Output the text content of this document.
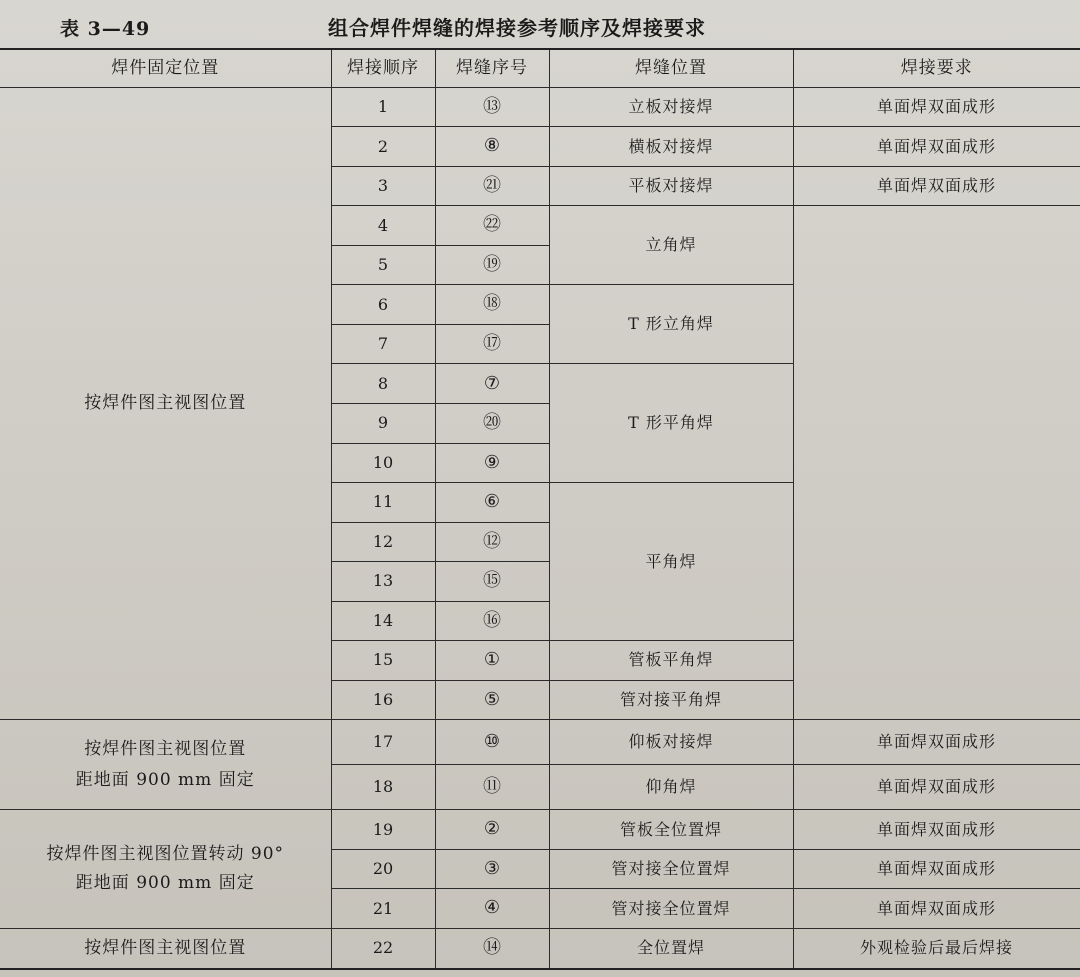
表 3—49	组合焊件焊缝的焊接参考顺序及焊接要求
焊件固定位置	焊接顺序	焊缝序号	焊缝位置	焊接要求
按焊件图主视图位置	1	⑬	立板对接焊	单面焊双面成形
	2	⑧	横板对接焊	单面焊双面成形
	3	㉑	平板对接焊	单面焊双面成形
	4	㉒	立角焊	
	5	⑲		
	6	⑱	T 形立角焊	
	7	⑰		
	8	⑦	T 形平角焊	
	9	⑳		
	10	⑨		
	11	⑥	平角焊	
	12	⑫		
	13	⑮		
	14	⑯		
	15	①	管板平角焊	
	16	⑤	管对接平角焊	

按焊件图主视图位置
距地面 900 mm 固定	17	⑩	仰板对接焊	单面焊双面成形
	18	⑪	仰角焊	单面焊双面成形

按焊件图主视图位置转动 90°
距地面 900 mm 固定	19	②	管板全位置焊	单面焊双面成形
	20	③	管对接全位置焊	单面焊双面成形
	21	④	管对接全位置焊	单面焊双面成形
按焊件图主视图位置	22	⑭	全位置焊	外观检验后最后焊接
